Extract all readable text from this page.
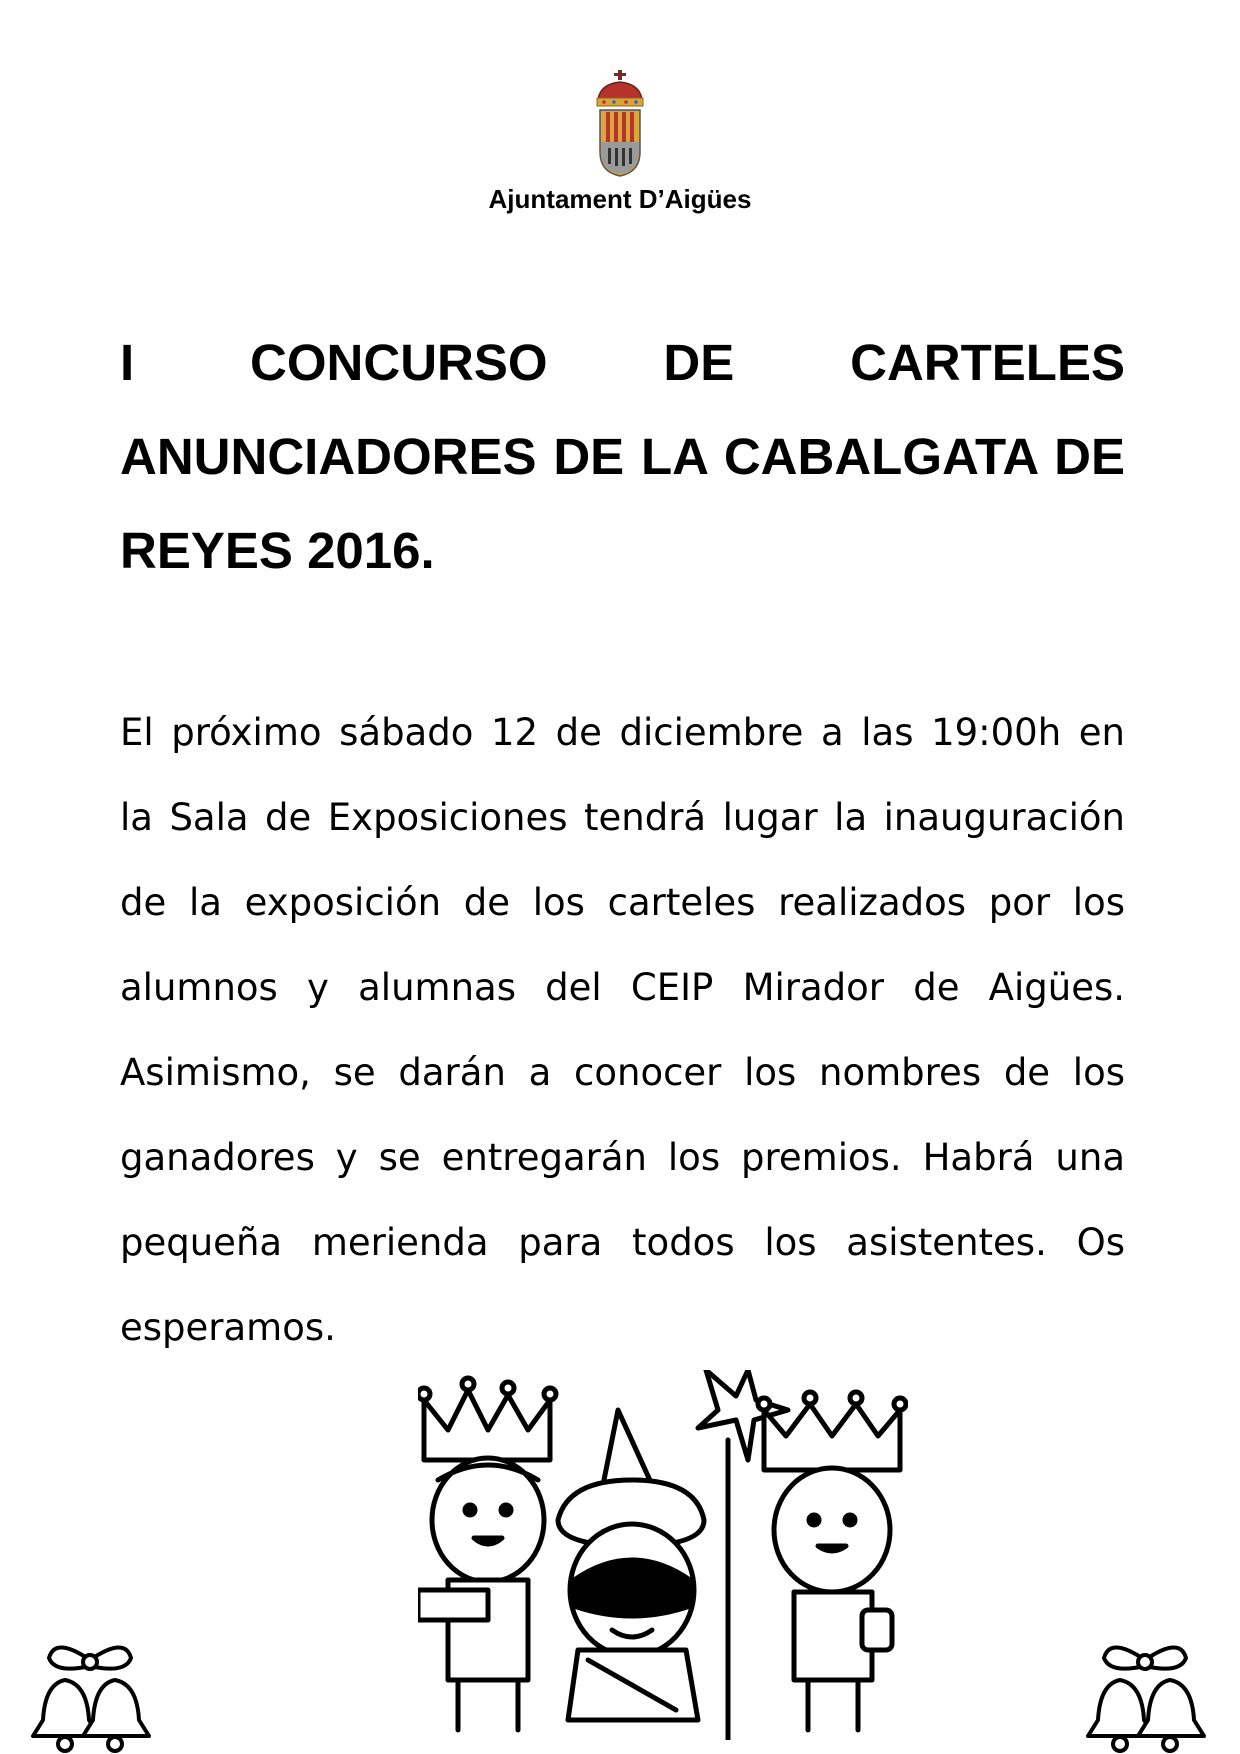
Ajuntament D’Aigües
I CONCURSO DE CARTELES ANUNCIADORES DE LA CABALGATA DE REYES 2016.

El próximo sábado 12 de diciembre a las 19:00h en la Sala de Exposiciones tendrá lugar la inauguración de la exposición de los carteles realizados por los alumnos y alumnas del CEIP Mirador de Aigües. Asimismo, se darán a conocer los nombres de los ganadores y se entregarán los premios. Habrá una pequeña merienda para todos los asistentes. Os esperamos.
